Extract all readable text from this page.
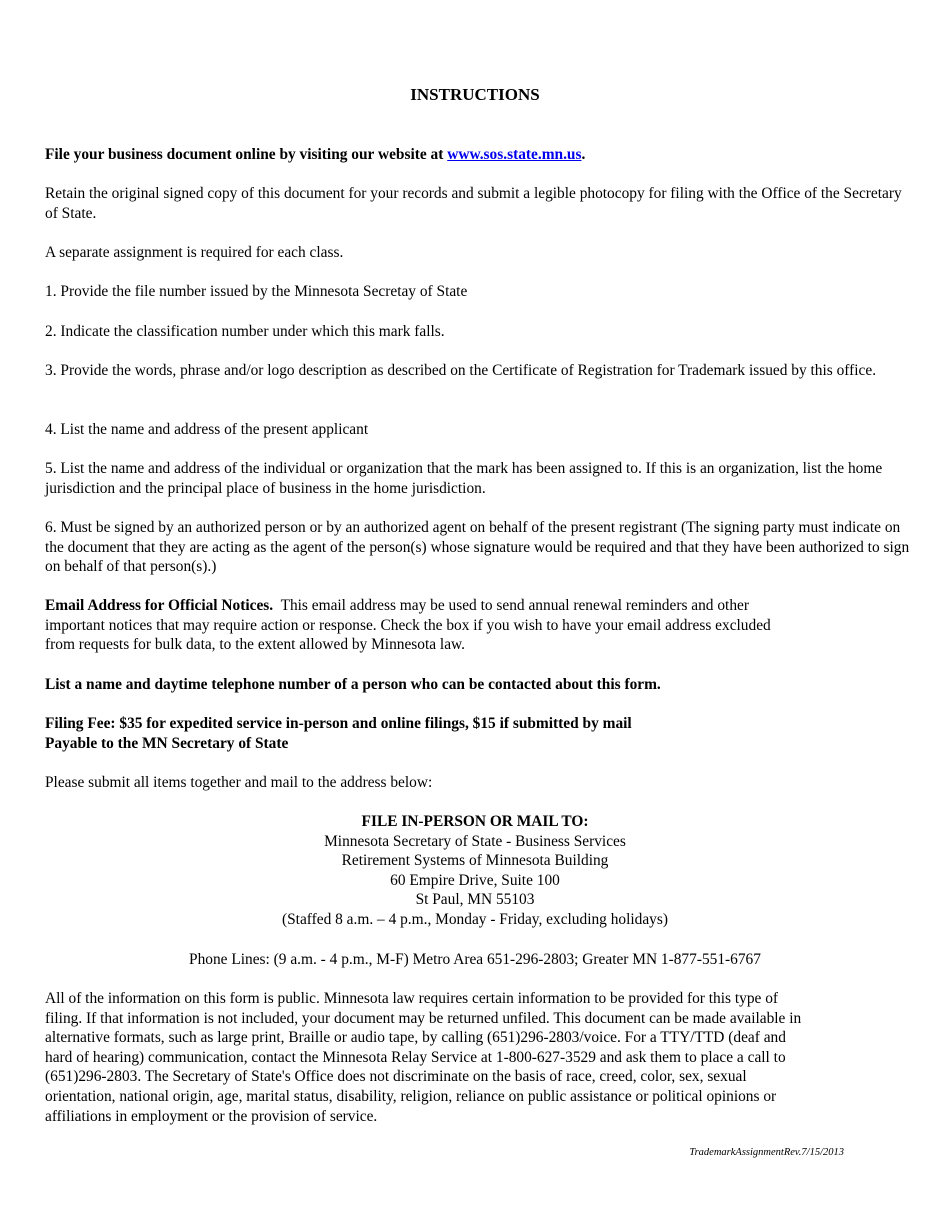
INSTRUCTIONS

File your business document online by visiting our website at www.sos.state.mn.us.

Retain the original signed copy of this document for your records and submit a legible photocopy for filing with the Office of the Secretary of State.

A separate assignment is required for each class.

1. Provide the file number issued by the Minnesota Secretay of State

2. Indicate the classification number under which this mark falls.

3. Provide the words, phrase and/or logo description as described on the Certificate of Registration for Trademark issued by this office.

4. List the name and address of the present applicant

5. List the name and address of the individual or organization that the mark has been assigned to. If this is an organization, list the home jurisdiction and the principal place of business in the home jurisdiction.

6. Must be signed by an authorized person or by an authorized agent on behalf of the present registrant (The signing party must indicate on the document that they are acting as the agent of the person(s) whose signature would be required and that they have been authorized to sign on behalf of that person(s).)

Email Address for Official Notices. This email address may be used to send annual renewal reminders and other
important notices that may require action or response. Check the box if you wish to have your email address excluded
from requests for bulk data, to the extent allowed by Minnesota law.

List a name and daytime telephone number of a person who can be contacted about this form.

Filing Fee: $35 for expedited service in-person and online filings, $15 if submitted by mail
Payable to the MN Secretary of State

Please submit all items together and mail to the address below:

FILE IN-PERSON OR MAIL TO:
Minnesota Secretary of State - Business Services
Retirement Systems of Minnesota Building
60 Empire Drive, Suite 100
St Paul, MN 55103
(Staffed 8 a.m. – 4 p.m., Monday - Friday, excluding holidays)
Phone Lines: (9 a.m. - 4 p.m., M-F) Metro Area 651-296-2803; Greater MN 1-877-551-6767
All of the information on this form is public. Minnesota law requires certain information to be provided for this type of
filing. If that information is not included, your document may be returned unfiled. This document can be made available in
alternative formats, such as large print, Braille or audio tape, by calling (651)296-2803/voice. For a TTY/TTD (deaf and
hard of hearing) communication, contact the Minnesota Relay Service at 1-800-627-3529 and ask them to place a call to
(651)296-2803. The Secretary of State's Office does not discriminate on the basis of race, creed, color, sex, sexual
orientation, national origin, age, marital status, disability, religion, reliance on public assistance or political opinions or
affiliations in employment or the provision of service.
TrademarkAssignmentRev.7/15/2013
